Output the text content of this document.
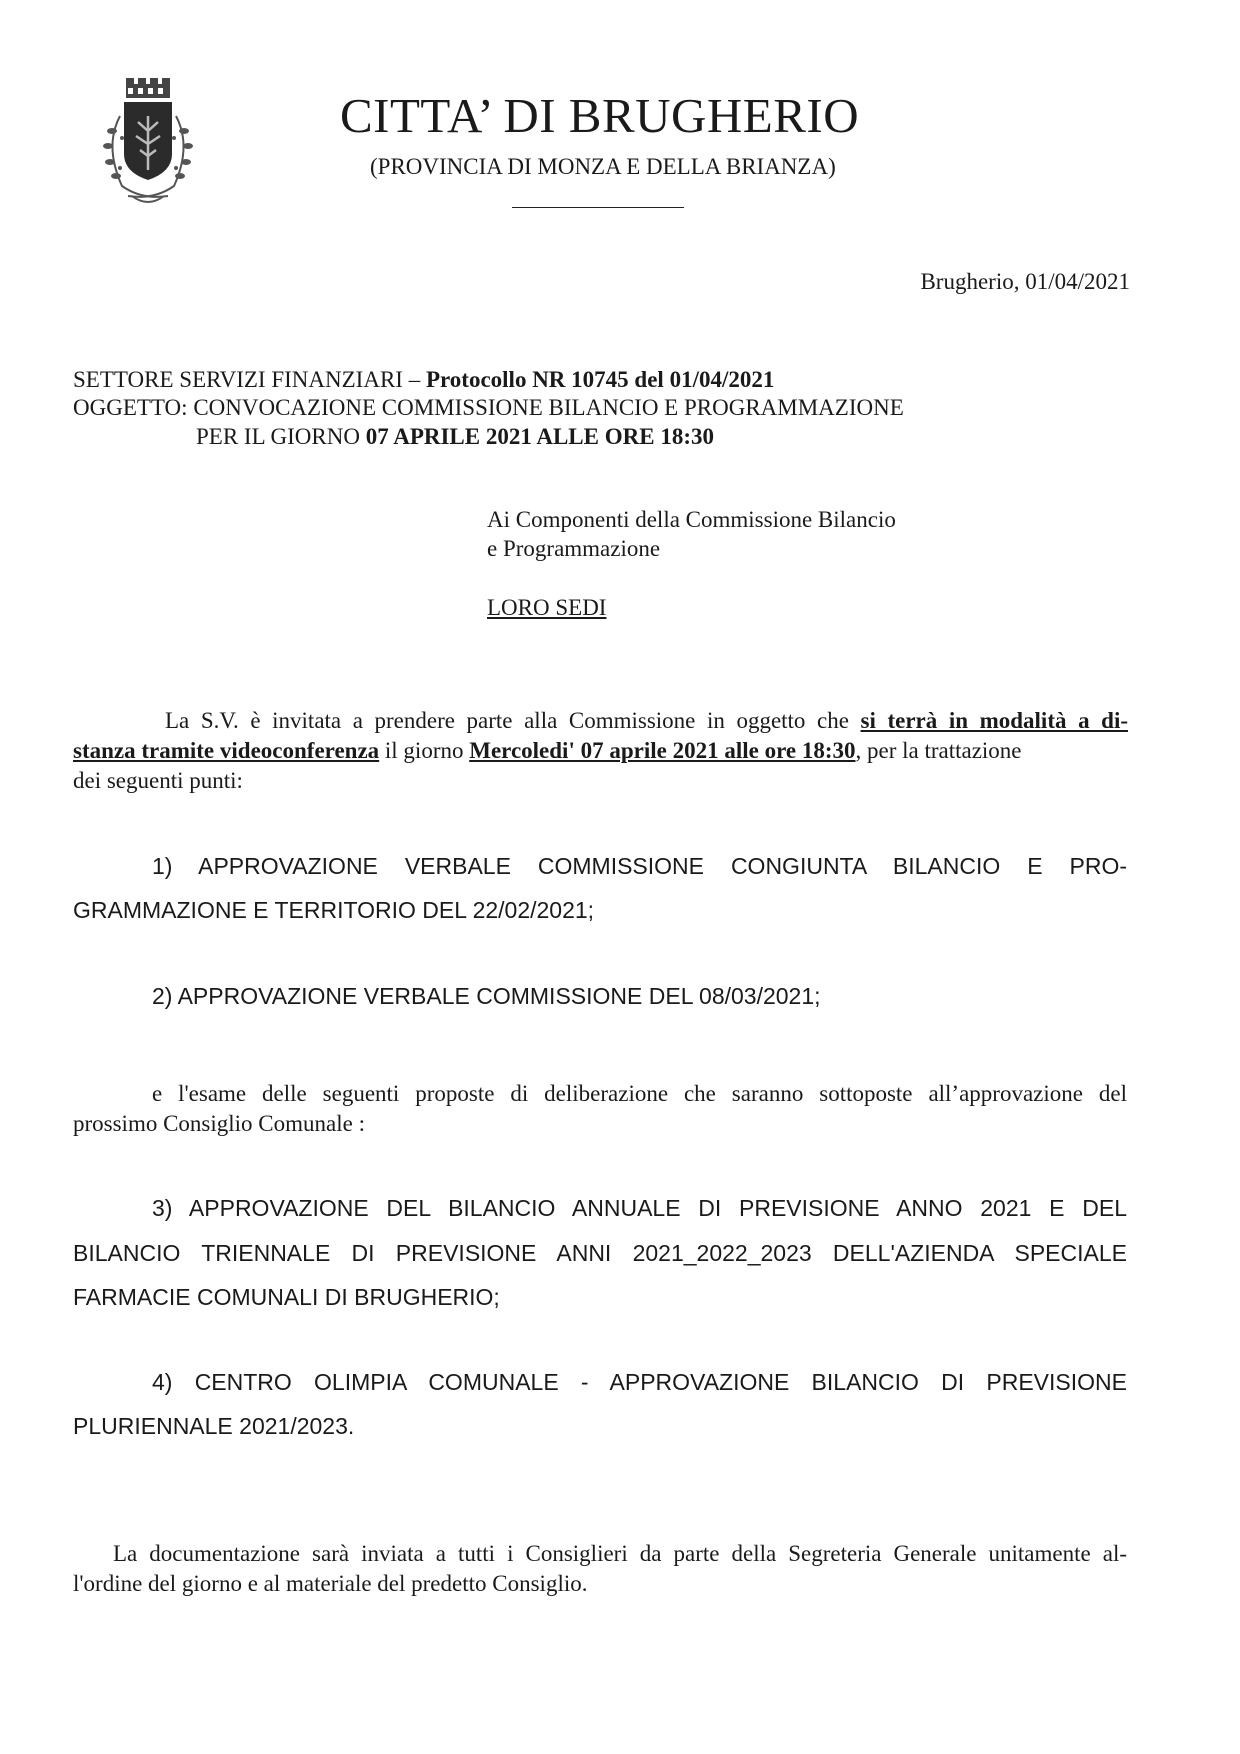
CITTA’ DI BRUGHERIO
(PROVINCIA DI MONZA E DELLA BRIANZA)
Brugherio, 01/04/2021
SETTORE SERVIZI FINANZIARI – Protocollo NR 10745 del 01/04/2021
OGGETTO: CONVOCAZIONE COMMISSIONE BILANCIO E PROGRAMMAZIONE
PER IL GIORNO 07 APRILE 2021 ALLE ORE 18:30
Ai Componenti della Commissione Bilancio
e Programmazione
LORO SEDI
La S.V. è invitata a prendere parte alla Commissione in oggetto che si terrà in modalità a di-
stanza tramite videoconferenza il giorno Mercoledi' 07 aprile 2021 alle ore 18:30, per la trattazione
dei seguenti punti:
1) APPROVAZIONE VERBALE COMMISSIONE CONGIUNTA BILANCIO E PRO-
GRAMMAZIONE E TERRITORIO DEL 22/02/2021;
2) APPROVAZIONE VERBALE COMMISSIONE DEL 08/03/2021;
e l'esame delle seguenti proposte di deliberazione che saranno sottoposte all’approvazione del
prossimo Consiglio Comunale :
3) APPROVAZIONE DEL BILANCIO ANNUALE DI PREVISIONE ANNO 2021 E DEL
BILANCIO TRIENNALE DI PREVISIONE ANNI 2021_2022_2023 DELL'AZIENDA SPECIALE
FARMACIE COMUNALI DI BRUGHERIO;
4) CENTRO OLIMPIA COMUNALE - APPROVAZIONE BILANCIO DI PREVISIONE
PLURIENNALE 2021/2023.
La documentazione sarà inviata a tutti i Consiglieri da parte della Segreteria Generale unitamente al-
l'ordine del giorno e al materiale del predetto Consiglio.
